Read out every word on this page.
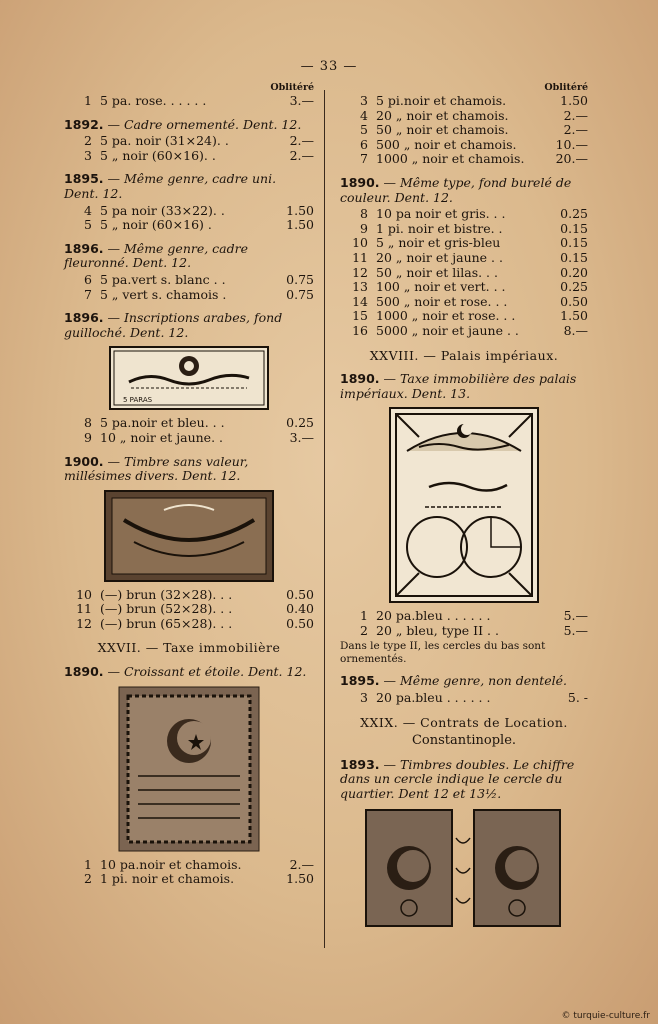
— 33 —
Oblitéré
1 5 pa. rose. . . . . .	3.—
1892. — Cadre ornementé. Dent. 12.
2 5 pa. noir (31×24). .	2.—
3 5 „ noir (60×16). .	2.—
1895. — Même genre, cadre uni. Dent. 12.
4 5 pa noir (33×22). .	1.50
5 5 „ noir (60×16) .	1.50
1896. — Même genre, cadre fleuronné. Dent. 12.
6 5 pa.vert s. blanc . .	0.75
7 5 „ vert s. chamois .	0.75
1896. — Inscriptions arabes, fond guilloché. Dent. 12.
5 PARAS
8 5 pa.noir et bleu. . .	0.25
9 10 „ noir et jaune. .	3.—
1900. — Timbre sans valeur, millésimes divers. Dent. 12.
10 (—) brun (32×28). . .	0.50
11 (—) brun (52×28). . .	0.40
12 (—) brun (65×28). . .	0.50
XXVII. — Taxe immobilière
1890. — Croissant et étoile. Dent. 12.
1 10 pa.noir et chamois.	2.—
2 1 pi. noir et chamois.	1.50
Oblitéré
3 5 pi.noir et chamois.	1.50
4 20 „ noir et chamois.	2.—
5 50 „ noir et chamois.	2.—
6 500 „ noir et chamois.	10.—
7 1000 „ noir et chamois.	20.—
1890. — Même type, fond burelé de couleur. Dent. 12.
8 10 pa noir et gris. . .	0.25
9 1 pi. noir et bistre. .	0.15
10 5 „ noir et gris-bleu	0.15
11 20 „ noir et jaune . .	0.15
12 50 „ noir et lilas. . .	0.20
13 100 „ noir et vert. . .	0.25
14 500 „ noir et rose. . .	0.50
15 1000 „ noir et rose. . .	1.50
16 5000 „ noir et jaune . .	8.—
XXVIII. — Palais impériaux.
1890. — Taxe immobilière des palais impériaux. Dent. 13.
1 20 pa.bleu . . . . . .	5.—
2 20 „ bleu, type II . .	5.—
Dans le type II, les cercles du bas sont ornementés.
1895. — Même genre, non dentelé.
3 20 pa.bleu . . . . . .	5. -
XXIX. — Contrats de Location.
Constantinople.
1893. — Timbres doubles. Le chiffre dans un cercle indique le cercle du quartier. Dent 12 et 13½.
© turquie-culture.fr
